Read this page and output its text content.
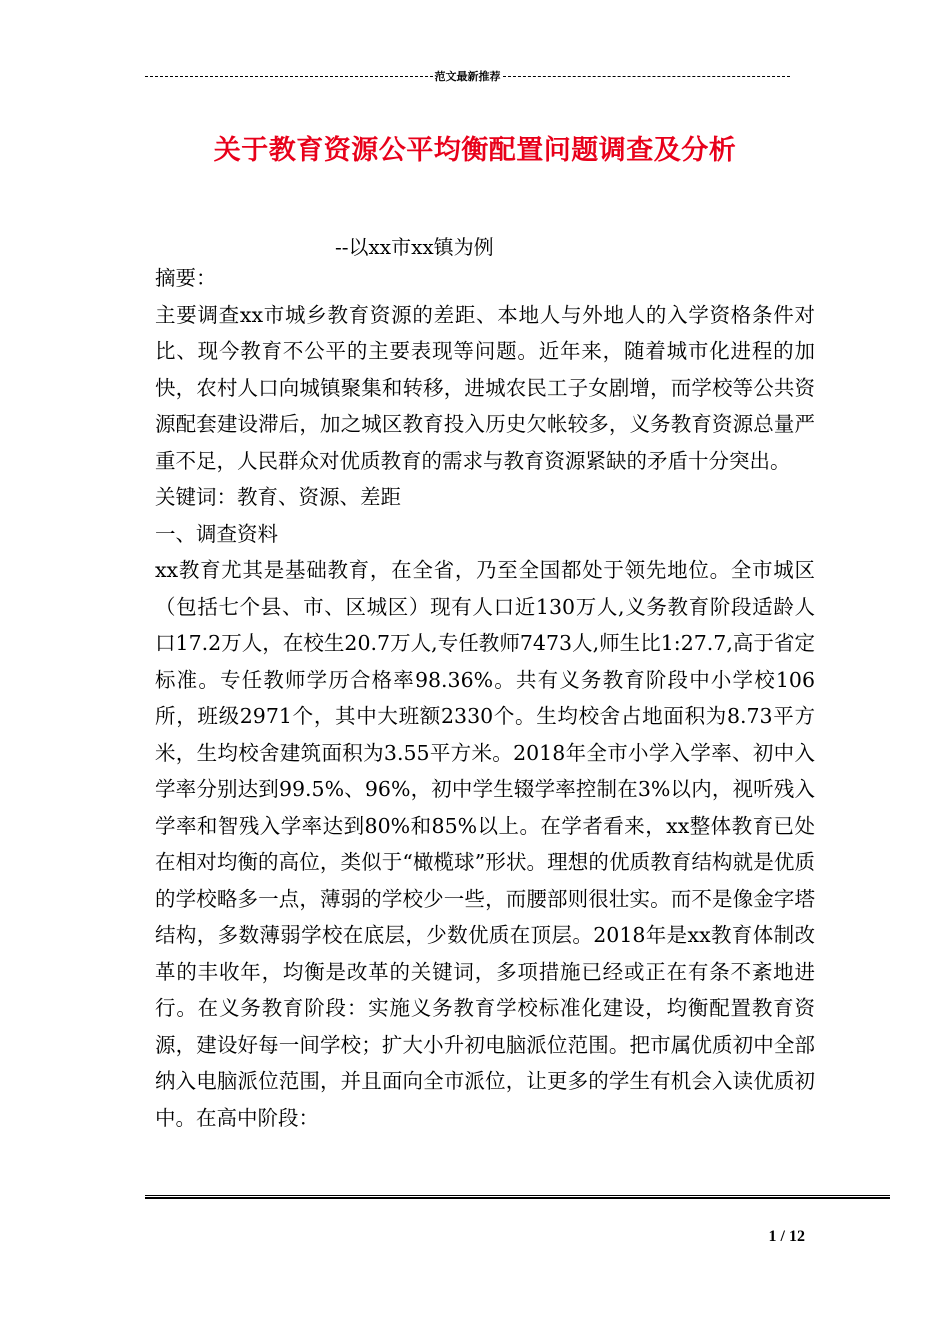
范文最新推荐
关于教育资源公平均衡配置问题调查及分析
--以xx市xx镇为例

摘要：

主要调查xx市城乡教育资源的差距、本地人与外地人的入学资格条件对比、现今教育不公平的主要表现等问题。近年来，随着城市化进程的加快，农村人口向城镇聚集和转移，进城农民工子女剧增，而学校等公共资源配套建设滞后，加之城区教育投入历史欠帐较多，义务教育资源总量严重不足，人民群众对优质教育的需求与教育资源紧缺的矛盾十分突出。

关键词：教育、资源、差距

一、调查资料

xx教育尤其是基础教育，在全省，乃至全国都处于领先地位。全市城区（包括七个县、市、区城区）现有人口近130万人,义务教育阶段适龄人口17.2万人，在校生20.7万人,专任教师7473人,师生比1:27.7,高于省定标准。专任教师学历合格率98.36%。共有义务教育阶段中小学校106所，班级2971个，其中大班额2330个。生均校舍占地面积为8.73平方米，生均校舍建筑面积为3.55平方米。2018年全市小学入学率、初中入学率分别达到99.5%、96%，初中学生辍学率控制在3%以内，视听残入学率和智残入学率达到80%和85%以上。在学者看来，xx整体教育已处在相对均衡的高位，类似于“橄榄球”形状。理想的优质教育结构就是优质的学校略多一点，薄弱的学校少一些，而腰部则很壮实。而不是像金字塔结构，多数薄弱学校在底层，少数优质在顶层。2018年是xx教育体制改革的丰收年，均衡是改革的关键词，多项措施已经或正在有条不紊地进行。在义务教育阶段：实施义务教育学校标准化建设，均衡配置教育资源，建设好每一间学校；扩大小升初电脑派位范围。把市属优质初中全部纳入电脑派位范围，并且面向全市派位，让更多的学生有机会入读优质初中。在高中阶段：

1 / 12
